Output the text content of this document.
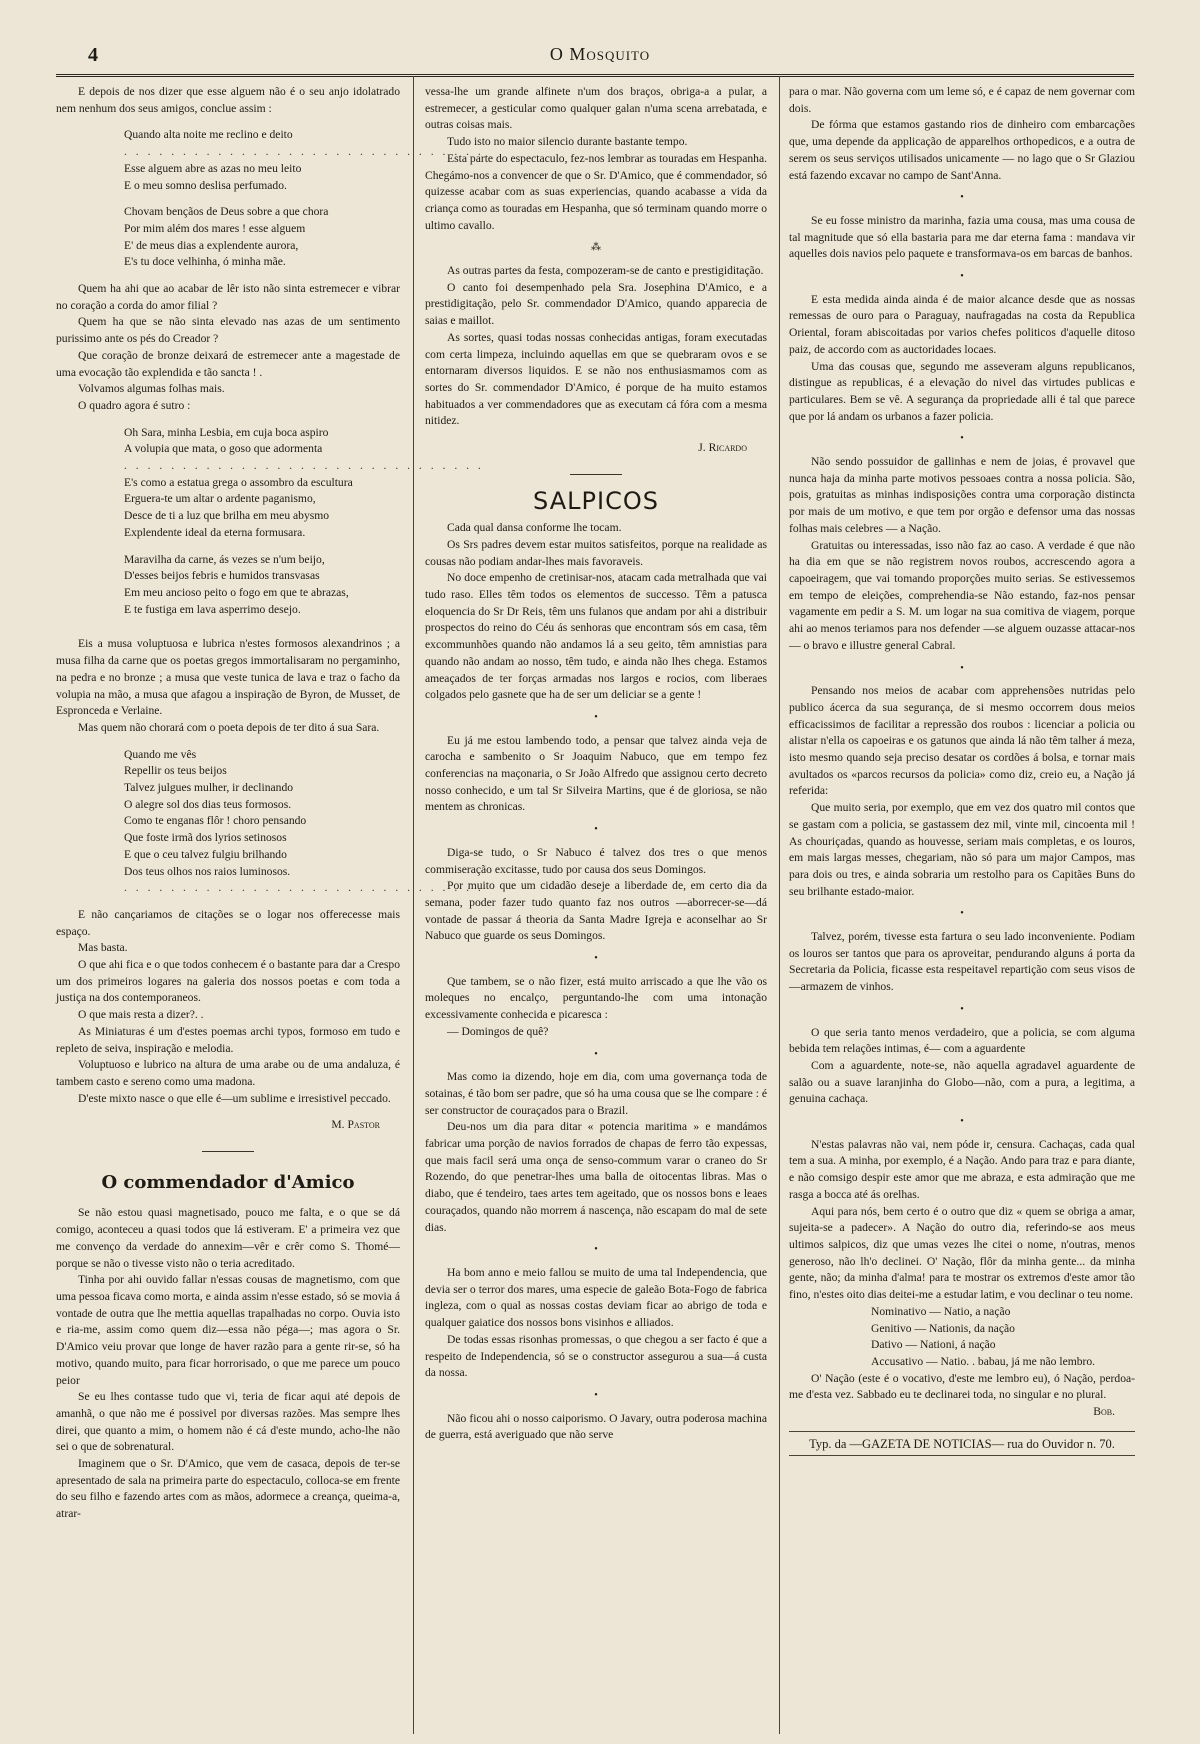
4	O Mosquito

E depois de nos dizer que esse alguem não é o seu anjo idolatrado nem nenhum dos seus amigos, conclue assim :

Quando alta noite me reclino e deito

. . . . . . . . . . . . . . . . . . . . . . . . . . . . . . .

Esse alguem abre as azas no meu leito

E o meu somno deslisa perfumado.

Chovam bençãos de Deus sobre a que chora

Por mim além dos mares ! esse alguem

E' de meus dias a explendente aurora,

E's tu doce velhinha, ó minha mãe.

Quem ha ahi que ao acabar de lêr isto não sinta estremecer e vibrar no coração a corda do amor filial ?

Quem ha que se não sinta elevado nas azas de um sentimento purissimo ante os pés do Creador ?

Que coração de bronze deixará de estremecer ante a magestade de uma evocação tão explendida e tão sancta ! .

Volvamos algumas folhas mais.

O quadro agora é sutro :

Oh Sara, minha Lesbia, em cuja boca aspiro

A volupia que mata, o goso que adormenta

. . . . . . . . . . . . . . . . . . . . . . . . . . . . . . .

E's como a estatua grega o assombro da escultura

Erguera-te um altar o ardente paganismo,

Desce de ti a luz que brilha em meu abysmo

Explendente ideal da eterna formusara.

Maravilha da carne, ás vezes se n'um beijo,

D'esses beijos febris e humidos transvasas

Em meu ancioso peito o fogo em que te abrazas,

E te fustiga em lava asperrimo desejo.

Eis a musa voluptuosa e lubrica n'estes formosos alexandrinos ; a musa filha da carne que os poetas gregos immortalisaram no pergaminho, na pedra e no bronze ; a musa que veste tunica de lava e traz o facho da volupia na mão, a musa que afagou a inspiração de Byron, de Musset, de Espronceda e Verlaine.

Mas quem não chorará com o poeta depois de ter dito á sua Sara.

Quando me vês

Repellir os teus beijos

Talvez julgues mulher, ir declinando

O alegre sol dos dias teus formosos.

Como te enganas flôr ! choro pensando

Que foste irmã dos lyrios setinosos

E que o ceu talvez fulgiu brilhando

Dos teus olhos nos raios luminosos.

. . . . . . . . . . . . . . . . . . . . . . . . . . . . . . .

E não cançariamos de citações se o logar nos offerecesse mais espaço.

Mas basta.

O que ahi fica e o que todos conhecem é o bastante para dar a Crespo um dos primeiros logares na galeria dos nossos poetas e com toda a justiça na dos contemporaneos.

O que mais resta a dizer?. .

As Miniaturas é um d'estes poemas archi typos, formoso em tudo e repleto de seiva, inspiração e melodia.

Voluptuoso e lubrico na altura de uma arabe ou de uma andaluza, é tambem casto e sereno como uma madona.

D'este mixto nasce o que elle é—um sublime e irresistivel peccado.

M. Pastor

O commendador d'Amico

Se não estou quasi magnetisado, pouco me falta, e o que se dá comigo, aconteceu a quasi todos que lá estiveram. E' a primeira vez que me convenço da verdade do annexim—vêr e crêr como S. Thomé— porque se não o tivesse visto não o teria acreditado.

Tinha por ahi ouvido fallar n'essas cousas de magnetismo, com que uma pessoa ficava como morta, e ainda assim n'esse estado, só se movia á vontade de outra que lhe mettia aquellas trapalhadas no corpo. Ouvia isto e ria-me, assim como quem diz—essa não péga—; mas agora o Sr. D'Amico veiu provar que longe de haver razão para a gente rir-se, só ha motivo, quando muito, para ficar horrorisado, o que me parece um pouco peior

Se eu lhes contasse tudo que vi, teria de ficar aqui até depois de amanhã, o que não me é possivel por diversas razões. Mas sempre lhes direi, que quanto a mim, o homem não é cá d'este mundo, acho-lhe não sei o que de sobrenatural.

Imaginem que o Sr. D'Amico, que vem de casaca, depois de ter-se apresentado de sala na primeira parte do espectaculo, colloca-se em frente do seu filho e fazendo artes com as mãos, adormece a creança, queima-a, atrar-

vessa-lhe um grande alfinete n'um dos braços, obriga-a a pular, a estremecer, a gesticular como qualquer galan n'uma scena arrebatada, e outras coisas mais.

Tudo isto no maior silencio durante bastante tempo.

Esta parte do espectaculo, fez-nos lembrar as touradas em Hespanha. Chegámo-nos a convencer de que o Sr. D'Amico, que é commendador, só quizesse acabar com as suas experiencias, quando acabasse a vida da criança como as touradas em Hespanha, que só terminam quando morre o ultimo cavallo.

⁂

As outras partes da festa, compozeram-se de canto e prestigiditação.

O canto foi desempenhado pela Sra. Josephina D'Amico, e a prestidigitação, pelo Sr. commendador D'Amico, quando apparecia de saias e maillot.

As sortes, quasi todas nossas conhecidas antigas, foram executadas com certa limpeza, incluindo aquellas em que se quebraram ovos e se entornaram diversos liquidos. E se não nos enthusiasmamos com as sortes do Sr. commendador D'Amico, é porque de ha muito estamos habituados a ver commendadores que as executam cá fóra com a mesma nitidez.

J. Ricardo

SALPICOS

Cada qual dansa conforme lhe tocam.

Os Srs padres devem estar muitos satisfeitos, porque na realidade as cousas não podiam andar-lhes mais favoraveis.

No doce empenho de cretinisar-nos, atacam cada metralhada que vai tudo raso. Elles têm todos os elementos de successo. Têm a patusca eloquencia do Sr Dr Reis, têm uns fulanos que andam por ahi a distribuir prospectos do reino do Céu ás senhoras que encontram sós em casa, têm excommunhões quando não andamos lá a seu geito, têm amnistias para quando não andam ao nosso, têm tudo, e ainda não lhes chega. Estamos ameaçados de ter forças armadas nos largos e rocios, com liberaes colgados pelo gasnete que ha de ser um deliciar se a gente !

•

Eu já me estou lambendo todo, a pensar que talvez ainda veja de carocha e sambenito o Sr Joaquim Nabuco, que em tempo fez conferencias na maçonaria, o Sr João Alfredo que assignou certo decreto nosso conhecido, e um tal Sr Silveira Martins, que é de gloriosa, se não mentem as chronicas.

•

Diga-se tudo, o Sr Nabuco é talvez dos tres o que menos commiseração excitasse, tudo por causa dos seus Domingos.

Por muito que um cidadão deseje a liberdade de, em certo dia da semana, poder fazer tudo quanto faz nos outros —aborrecer-se—dá vontade de passar á theoria da Santa Madre Igreja e aconselhar ao Sr Nabuco que guarde os seus Domingos.

•

Que tambem, se o não fizer, está muito arriscado a que lhe vão os moleques no encalço, perguntando-lhe com uma intonação excessivamente conhecida e picaresca :

— Domingos de quê?

•

Mas como ia dizendo, hoje em dia, com uma governança toda de sotainas, é tão bom ser padre, que só ha uma cousa que se lhe compare : é ser constructor de couraçados para o Brazil.

Deu-nos um dia para ditar « potencia maritima » e mandámos fabricar uma porção de navios forrados de chapas de ferro tão expessas, que mais facil será uma onça de senso-commum varar o craneo do Sr Rozendo, do que penetrar-lhes uma balla de oitocentas libras. Mas o diabo, que é tendeiro, taes artes tem ageitado, que os nossos bons e leaes couraçados, quando não morrem á nascença, não escapam do mal de sete dias.

•

Ha bom anno e meio fallou se muito de uma tal Independencia, que devia ser o terror dos mares, uma especie de galeão Bota-Fogo de fabrica ingleza, com o qual as nossas costas deviam ficar ao abrigo de toda e qualquer gaiatice dos nossos bons visinhos e alliados.

De todas essas risonhas promessas, o que chegou a ser facto é que a respeito de Independencia, só se o constructor assegurou a sua—á custa da nossa.

•

Não ficou ahi o nosso caiporismo. O Javary, outra poderosa machina de guerra, está averiguado que não serve

para o mar. Não governa com um leme só, e é capaz de nem governar com dois.

De fórma que estamos gastando rios de dinheiro com embarcações que, uma depende da applicação de apparelhos orthopedicos, e a outra de serem os seus serviços utilisados unicamente — no lago que o Sr Glaziou está fazendo excavar no campo de Sant'Anna.

•

Se eu fosse ministro da marinha, fazia uma cousa, mas uma cousa de tal magnitude que só ella bastaria para me dar eterna fama : mandava vir aquelles dois navios pelo paquete e transformava-os em barcas de banhos.

•

E esta medida ainda ainda é de maior alcance desde que as nossas remessas de ouro para o Paraguay, naufragadas na costa da Republica Oriental, foram abiscoitadas por varios chefes politicos d'aquelle ditoso paiz, de accordo com as auctoridades locaes.

Uma das cousas que, segundo me asseveram alguns republicanos, distingue as republicas, é a elevação do nivel das virtudes publicas e particulares. Bem se vê. A segurança da propriedade alli é tal que parece que por lá andam os urbanos a fazer policia.

•

Não sendo possuidor de gallinhas e nem de joias, é provavel que nunca haja da minha parte motivos pessoaes contra a nossa policia. São, pois, gratuitas as minhas indisposições contra uma corporação distincta por mais de um motivo, e que tem por orgão e defensor uma das nossas folhas mais celebres — a Nação.

Gratuitas ou interessadas, isso não faz ao caso. A verdade é que não ha dia em que se não registrem novos roubos, accrescendo agora a capoeiragem, que vai tomando proporções muito serias. Se estivessemos em tempo de eleições, comprehendia-se Não estando, faz-nos pensar vagamente em pedir a S. M. um logar na sua comitiva de viagem, porque ahi ao menos teriamos para nos defender —se alguem ouzasse attacar-nos— o bravo e illustre general Cabral.

•

Pensando nos meios de acabar com apprehensões nutridas pelo publico ácerca da sua segurança, de si mesmo occorrem dous meios efficacissimos de facilitar a repressão dos roubos : licenciar a policia ou alistar n'ella os capoeiras e os gatunos que ainda lá não têm talher á meza, isto mesmo quando seja preciso desatar os cordões á bolsa, e tornar mais avultados os «parcos recursos da policia» como diz, creio eu, a Nação já referida:

Que muito seria, por exemplo, que em vez dos quatro mil contos que se gastam com a policia, se gastassem dez mil, vinte mil, cincoenta mil ! As chouriçadas, quando as houvesse, seriam mais completas, e os louros, em mais largas messes, chegariam, não só para um major Campos, mas para dois ou tres, e ainda sobraria um restolho para os Capitães Buns do seu brilhante estado-maior.

•

Talvez, porém, tivesse esta fartura o seu lado inconveniente. Podiam os louros ser tantos que para os aproveitar, pendurando alguns á porta da Secretaria da Policia, ficasse esta respeitavel repartição com seus visos de—armazem de vinhos.

•

O que seria tanto menos verdadeiro, que a policia, se com alguma bebida tem relações intimas, é— com a aguardente

Com a aguardente, note-se, não aquella agradavel aguardente de salão ou a suave laranjinha do Globo—não, com a pura, a legitima, a genuina cachaça.

•

N'estas palavras não vai, nem póde ir, censura. Cachaças, cada qual tem a sua. A minha, por exemplo, é a Nação. Ando para traz e para diante, e não comsigo despir este amor que me abraza, e esta admiração que me rasga a bocca até ás orelhas.

Aqui para nós, bem certo é o outro que diz « quem se obriga a amar, sujeita-se a padecer». A Nação do outro dia, referindo-se aos meus ultimos salpicos, diz que umas vezes lhe citei o nome, n'outras, menos generoso, não lh'o declinei. O' Nação, flôr da minha gente... da minha gente, não; da minha d'alma! para te mostrar os extremos d'este amor tão fino, n'estes oito dias deitei-me a estudar latim, e vou declinar o teu nome.

Nominativo — Natio, a nação

Genitivo — Nationis, da nação

Dativo — Nationi, á nação

Accusativo — Natio. . babau, já me não lembro.

O' Nação (este é o vocativo, d'este me lembro eu), ó Nação, perdoa-me d'esta vez. Sabbado eu te declinarei toda, no singular e no plural.

Bob.

Typ. da —GAZETA DE NOTICIAS— rua do Ouvidor n. 70.
